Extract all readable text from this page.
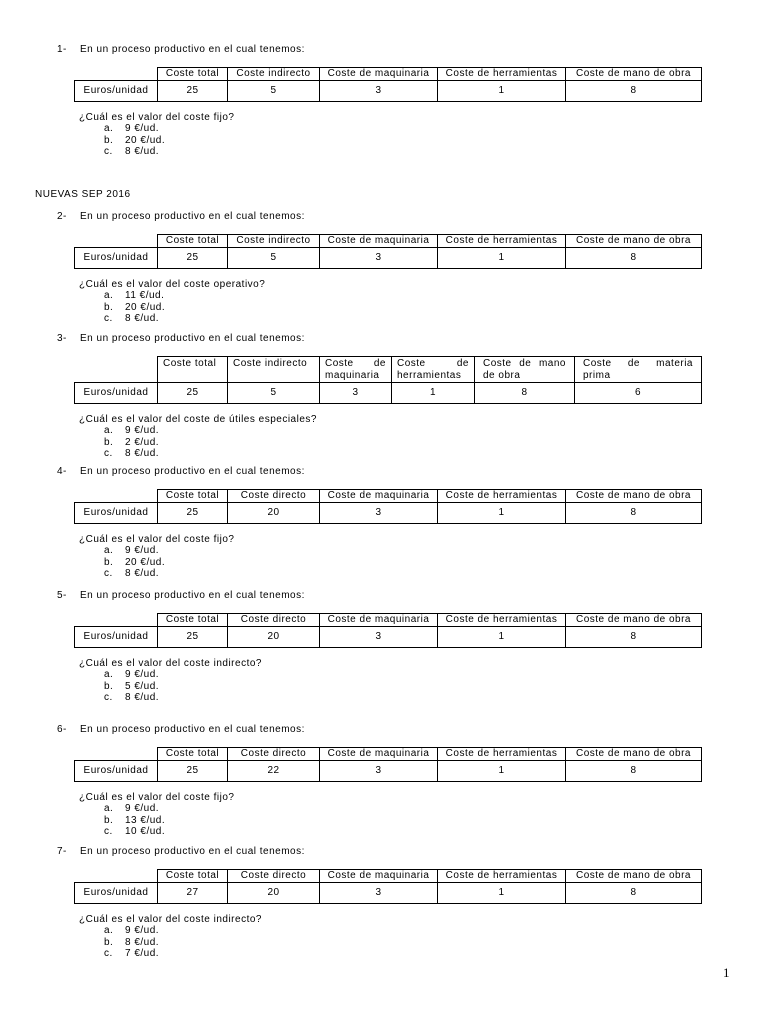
1- En un proceso productivo en el cual tenemos:
	Coste total	Coste indirecto	Coste de maquinaria	Coste de herramientas	Coste de mano de obra
Euros/unidad	25	5	3	1	8
¿Cuál es el valor del coste fijo?
a. 9 €/ud.
b. 20 €/ud.
c. 8 €/ud.
2- En un proceso productivo en el cual tenemos:
	Coste total	Coste indirecto	Coste de maquinaria	Coste de herramientas	Coste de mano de obra
Euros/unidad	25	5	3	1	8
¿Cuál es el valor del coste operativo?
a. 11 €/ud.
b. 20 €/ud.
c. 8 €/ud.
3- En un proceso productivo en el cual tenemos:
	Coste total	Coste indirecto	Coste de maquinaria	Coste de herramientas	Coste de mano de obra	Coste de materia prima
Euros/unidad	25	5	3	1	8	6
¿Cuál es el valor del coste de útiles especiales?
a. 9 €/ud.
b. 2 €/ud.
c. 8 €/ud.
4- En un proceso productivo en el cual tenemos:
	Coste total	Coste directo	Coste de maquinaria	Coste de herramientas	Coste de mano de obra
Euros/unidad	25	20	3	1	8
¿Cuál es el valor del coste fijo?
a. 9 €/ud.
b. 20 €/ud.
c. 8 €/ud.
5- En un proceso productivo en el cual tenemos:
	Coste total	Coste directo	Coste de maquinaria	Coste de herramientas	Coste de mano de obra
Euros/unidad	25	20	3	1	8
¿Cuál es el valor del coste indirecto?
a. 9 €/ud.
b. 5 €/ud.
c. 8 €/ud.
6- En un proceso productivo en el cual tenemos:
	Coste total	Coste directo	Coste de maquinaria	Coste de herramientas	Coste de mano de obra
Euros/unidad	25	22	3	1	8
¿Cuál es el valor del coste fijo?
a. 9 €/ud.
b. 13 €/ud.
c. 10 €/ud.
7- En un proceso productivo en el cual tenemos:
	Coste total	Coste directo	Coste de maquinaria	Coste de herramientas	Coste de mano de obra
Euros/unidad	27	20	3	1	8
¿Cuál es el valor del coste indirecto?
a. 9 €/ud.
b. 8 €/ud.
c. 7 €/ud.
NUEVAS SEP 2016
1
